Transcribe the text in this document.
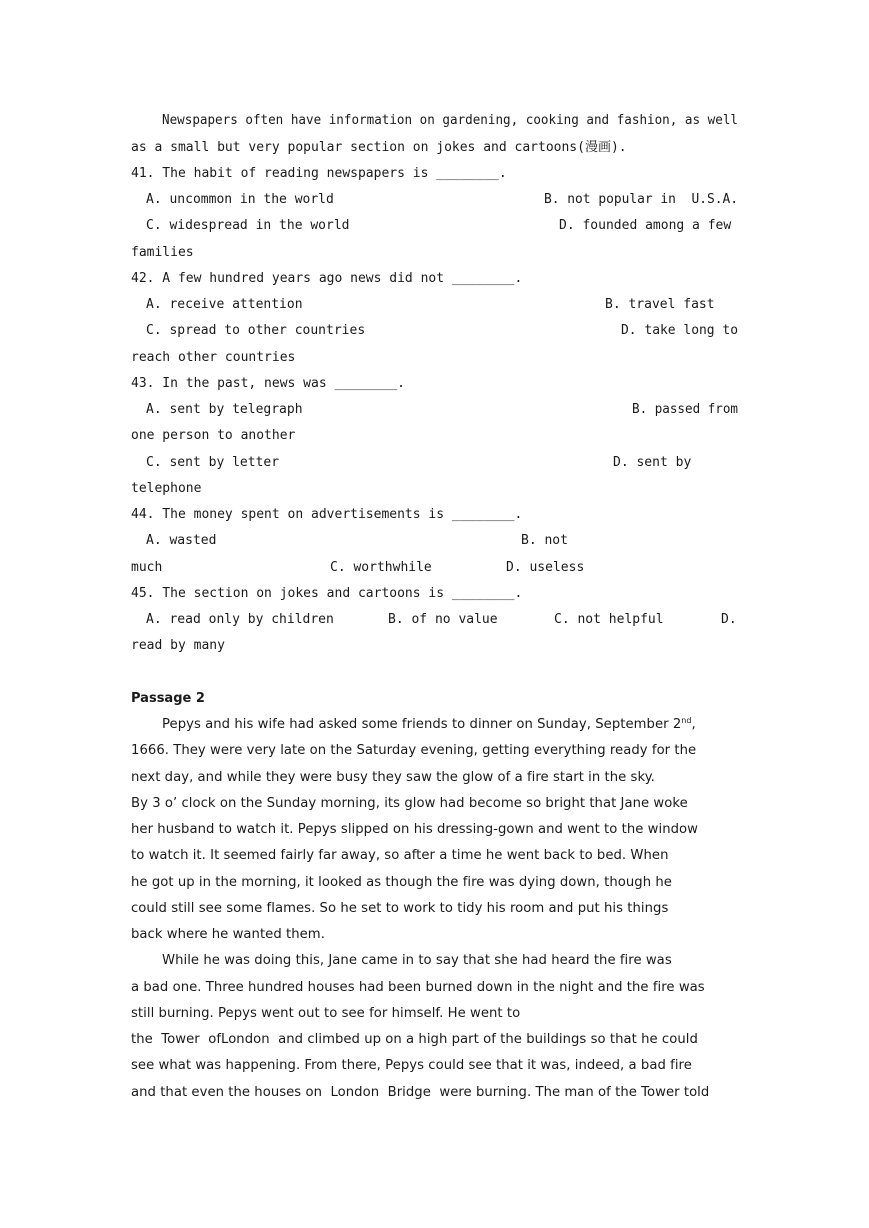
Newspapers often have information on gardening, cooking and fashion, as well
as a small but very popular section on jokes and cartoons(漫画).
41. The habit of reading newspapers is ________.
A. uncommon in the world	B. not popular in  U.S.A.
C. widespread in the world	D. founded among a few
families
42. A few hundred years ago news did not ________.
A. receive attention	B. travel fast
C. spread to other countries	D. take long to
reach other countries
43. In the past, news was ________.
A. sent by telegraph	B. passed from
one person to another
C. sent by letter	D. sent by
telephone
44. The money spent on advertisements is ________.
A. wasted	B. not
much	C. worthwhile	D. useless
45. The section on jokes and cartoons is ________.
A. read only by children	B. of no value	C. not helpful	D.
read by many
Passage 2
Pepys and his wife had asked some friends to dinner on Sunday, September 2nd,
1666. They were very late on the Saturday evening, getting everything ready for the
next day, and while they were busy they saw the glow of a fire start in the sky.
By 3 o’ clock on the Sunday morning, its glow had become so bright that Jane woke
her husband to watch it. Pepys slipped on his dressing-gown and went to the window
to watch it. It seemed fairly far away, so after a time he went back to bed. When
he got up in the morning, it looked as though the fire was dying down, though he
could still see some flames. So he set to work to tidy his room and put his things
back where he wanted them.
While he was doing this, Jane came in to say that she had heard the fire was
a bad one. Three hundred houses had been burned down in the night and the fire was
still burning. Pepys went out to see for himself. He went to
the  Tower  ofLondon  and climbed up on a high part of the buildings so that he could
see what was happening. From there, Pepys could see that it was, indeed, a bad fire
and that even the houses on  London  Bridge  were burning. The man of the Tower told
